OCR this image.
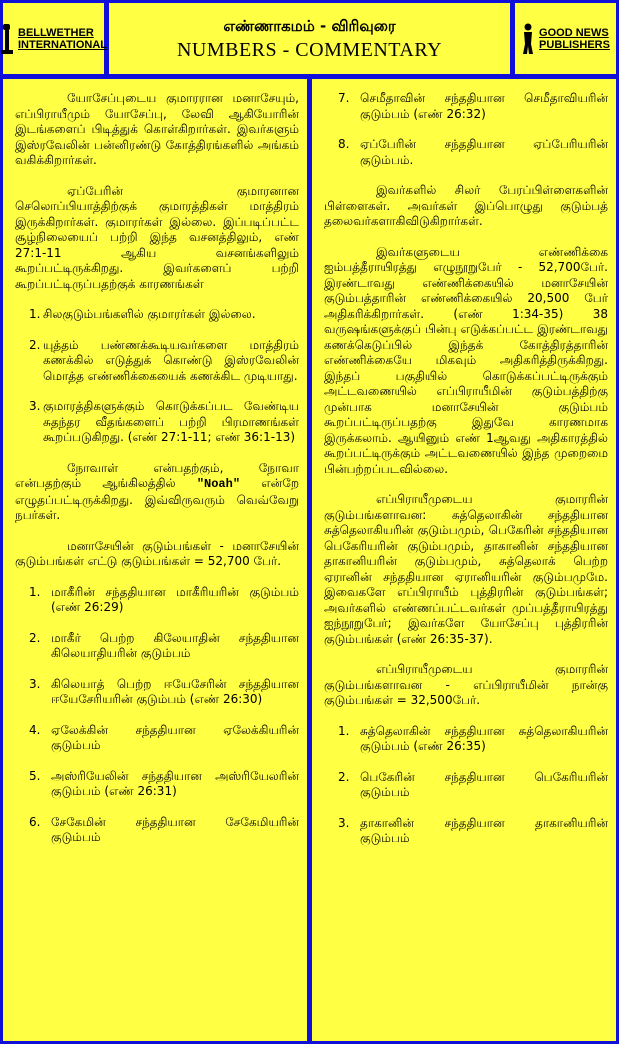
BELLWETHER
INTERNATIONAL
எண்ணாகமம் - விரிவுரை
NUMBERS - COMMENTARY
GOOD NEWS
PUBLISHERS

யோசேப்புடைய குமாரரான மனாசேயும், எப்பிராயீமும் யோசேப்பு, லேவி ஆகியோரின் இடங்களைப் பிடித்துக் கொள்கிறார்கள். இவர்களும் இஸ்ரவேலின் பன்னிரண்டு கோத்திரங்களில் அங்கம் வகிக்கிறார்கள்.

ஏப்பேரின் குமாரனான செலொப்பியாத்திற்குக் குமாரத்திகள் மாத்திரம் இருக்கிறார்கள். குமாரர்கள் இல்லை. இப்படிப்பட்ட சூழ்நிலையைப் பற்றி இந்த வசனத்திலும், எண் 27:1-11 ஆகிய வசனங்களிலும் கூறப்பட்டிருக்கிறது. இவர்களைப் பற்றி கூறப்பட்டிருப்பதற்குக் காரணங்கள்

1. சிலகுடும்பங்களில் குமாரர்கள் இல்லை.
2. யுத்தம் பண்ணக்கூடியவர்களை மாத்திரம் கணக்கில் எடுத்துக் கொண்டு இஸ்ரவேலின் மொத்த எண்ணிக்கையைக் கணக்கிட முடியாது.
3. குமாரத்திகளுக்கும் கொடுக்கப்பட வேண்டிய சுதந்தர வீதங்களைப் பற்றி பிரமாணங்கள் கூறப்படுகிறது. (எண் 27:1-11; எண் 36:1-13)

நோவாள் என்பதற்கும், நோவா என்பதற்கும் ஆங்கிலத்தில் "Noah" என்றே எழுதப்பட்டிருக்கிறது. இவ்விருவரும் வெவ்வேறு நபர்கள்.

மனாசேயின் குடும்பங்கள் - மனாசேயின் குடும்பங்கள் எட்டு குடும்பங்கள் = 52,700 பேர்.

1. மாகீரின் சந்ததியான மாகீரியரின் குடும்பம் (எண் 26:29)
2. மாகீர் பெற்ற கிலேயாதின் சந்ததியான கிலெயாதியரின் குடும்பம்
3. கிலெயாத் பெற்ற ஈயேசேரின் சந்ததியான ஈயேசேரியரின் குடும்பம் (எண் 26:30)
4. ஏலேக்கின் சந்ததியான ஏலேக்கியரின் குடும்பம்
5. அஸ்ரியேலின் சந்ததியான அஸ்ரியேலரின் குடும்பம் (எண் 26:31)
6. சேகேமின் சந்ததியான சேகேமியரின் குடும்பம்
7. செமீதாவின் சந்ததியான செமீதாவியரின் குடும்பம் (எண் 26:32)
8. ஏப்பேரின் சந்ததியான ஏப்பேரியரின் குடும்பம்.

இவர்களில் சிலர் பேரப்பிள்ளைகளின் பிள்ளைகள். அவர்கள் இப்பொழுது குடும்பத் தலைவர்களாகிவிடுகிறார்கள்.

இவர்களுடைய எண்ணிக்கை ஐம்பத்தீராயிரத்து எழுநூறுபேர் - 52,700பேர். இரண்டாவது எண்ணிக்கையில் மனாசேயின் குடும்பத்தாரின் எண்ணிக்கையில் 20,500 பேர் அதிகரிக்கிறார்கள். (எண் 1:34-35) 38 வருஷங்களுக்குப் பின்பு எடுக்கப்பட்ட இரண்டாவது கணக்கெடுப்பில் இந்தக் கோத்திரத்தாரின் எண்ணிக்கையே மிகவும் அதிகரித்திருக்கிறது. இந்தப் பகுதியில் கொடுக்கப்பட்டிருக்கும் அட்டவணையில் எப்பிராயீமின் குடும்பத்திற்கு முன்பாக மனாசேயின் குடும்பம் கூறப்பட்டிருப்பதற்கு இதுவே காரணமாக இருக்கலாம். ஆயினும் எண் 1ஆவது அதிகாரத்தில் கூறப்பட்டிருக்கும் அட்டவணையில் இந்த முறைமை பின்பற்றப்படவில்லை.

எப்பிராயீமுடைய குமாரரின் குடும்பங்களாவன: சுத்தெலாகின் சந்ததியான சுத்தெலாகியரின் குடும்பமும், பெகேரின் சந்ததியான பெகேரியரின் குடும்பமும், தாகானின் சந்ததியான தாகானியரின் குடும்பமும், சுத்தெலாக் பெற்ற ஏரானின் சந்ததியான ஏரானியரின் குடும்பமுமே. இவைகளே எப்பிராயீம் புத்திரரின் குடும்பங்கள்; அவர்களில் எண்ணப்பட்டவர்கள் முப்பத்தீராயிரத்து ஐந்நூறுபேர்; இவர்களே யோசேப்பு புத்திரரின் குடும்பங்கள் (எண் 26:35-37).

எப்பிராயீமுடைய குமாரரின் குடும்பங்களாவன - எப்பிராயீமின் நான்கு குடும்பங்கள் = 32,500பேர்.

1. சுத்தெலாகின் சந்ததியான சுத்தெலாகியரின் குடும்பம் (எண் 26:35)
2. பெகேரின் சந்ததியான பெகேரியரின் குடும்பம்
3. தாகானின் சந்ததியான தாகானியரின் குடும்பம்
